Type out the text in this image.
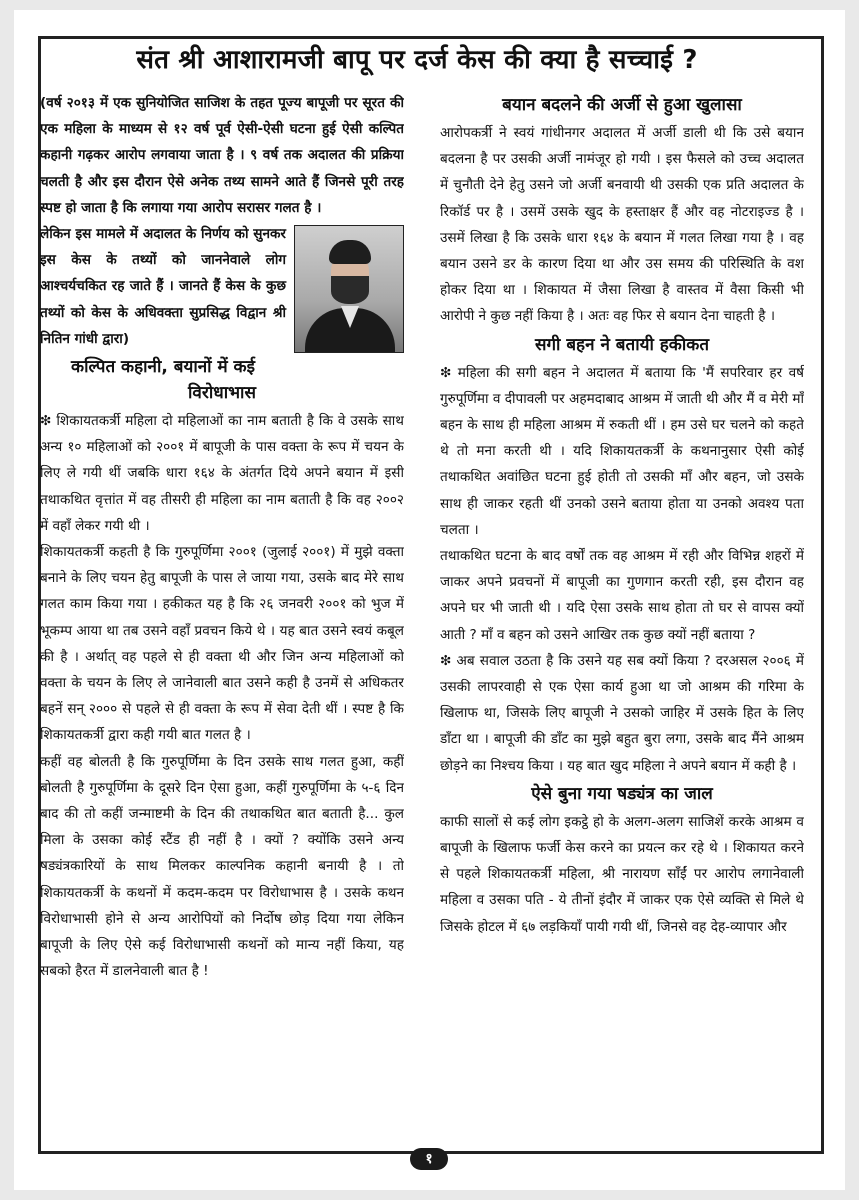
संत श्री आशारामजी बापू पर दर्ज केस की क्या है सच्चाई ?

(वर्ष २०१३ में एक सुनियोजित साजिश के तहत पूज्य बापूजी पर सूरत की एक महिला के माध्यम से १२ वर्ष पूर्व ऐसी-ऐसी घटना हुई ऐसी कल्पित कहानी गढ़कर आरोप लगवाया जाता है । ९ वर्ष तक अदालत की प्रक्रिया चलती है और इस दौरान ऐसे अनेक तथ्य सामने आते हैं जिनसे पूरी तरह स्पष्ट हो जाता है कि लगाया गया आरोप सरासर गलत है ।

लेकिन इस मामले में अदालत के निर्णय को सुनकर इस केस के तथ्यों को जाननेवाले लोग आश्चर्यचकित रह जाते हैं । जानते हैं केस के कुछ तथ्यों को केस के अधिवक्ता सुप्रसिद्ध विद्वान श्री नितिन गांधी द्वारा)

कल्पित कहानी, बयानों में कई विरोधाभास

❇ शिकायतकर्त्री महिला दो महिलाओं का नाम बताती है कि वे उसके साथ अन्य १० महिलाओं को २००१ में बापूजी के पास वक्ता के रूप में चयन के लिए ले गयी थीं जबकि धारा १६४ के अंतर्गत दिये अपने बयान में इसी तथाकथित वृत्तांत में वह तीसरी ही महिला का नाम बताती है कि वह २००२ में वहाँ लेकर गयी थी ।

शिकायतकर्त्री कहती है कि गुरुपूर्णिमा २००१ (जुलाई २००१) में मुझे वक्ता बनाने के लिए चयन हेतु बापूजी के पास ले जाया गया, उसके बाद मेरे साथ गलत काम किया गया । हकीकत यह है कि २६ जनवरी २००१ को भुज में भूकम्प आया था तब उसने वहाँ प्रवचन किये थे । यह बात उसने स्वयं कबूल की है । अर्थात् वह पहले से ही वक्ता थी और जिन अन्य महिलाओं को वक्ता के चयन के लिए ले जानेवाली बात उसने कही है उनमें से अधिकतर बहनें सन् २००० से पहले से ही वक्ता के रूप में सेवा देती थीं । स्पष्ट है कि शिकायतकर्त्री द्वारा कही गयी बात गलत है ।

कहीं वह बोलती है कि गुरुपूर्णिमा के दिन उसके साथ गलत हुआ, कहीं बोलती है गुरुपूर्णिमा के दूसरे दिन ऐसा हुआ, कहीं गुरुपूर्णिमा के ५-६ दिन बाद की तो कहीं जन्माष्टमी के दिन की तथाकथित बात बताती है... कुल मिला के उसका कोई स्टैंड ही नहीं है । क्यों ? क्योंकि उसने अन्य षड्यंत्रकारियों के साथ मिलकर काल्पनिक कहानी बनायी है । तो शिकायतकर्त्री के कथनों में कदम-कदम पर विरोधाभास है । उसके कथन विरोधाभासी होने से अन्य आरोपियों को निर्दोष छोड़ दिया गया लेकिन बापूजी के लिए ऐसे कई विरोधाभासी कथनों को मान्य नहीं किया, यह सबको हैरत में डालनेवाली बात है !

बयान बदलने की अर्जी से हुआ खुलासा

आरोपकर्त्री ने स्वयं गांधीनगर अदालत में अर्जी डाली थी कि उसे बयान बदलना है पर उसकी अर्जी नामंजूर हो गयी । इस फैसले को उच्च अदालत में चुनौती देने हेतु उसने जो अर्जी बनवायी थी उसकी एक प्रति अदालत के रिकॉर्ड पर है । उसमें उसके खुद के हस्ताक्षर हैं और वह नोटराइज्ड है । उसमें लिखा है कि उसके धारा १६४ के बयान में गलत लिखा गया है । वह बयान उसने डर के कारण दिया था और उस समय की परिस्थिति के वश होकर दिया था । शिकायत में जैसा लिखा है वास्तव में वैसा किसी भी आरोपी ने कुछ नहीं किया है । अतः वह फिर से बयान देना चाहती है ।

सगी बहन ने बतायी हकीकत

❇ महिला की सगी बहन ने अदालत में बताया कि 'मैं सपरिवार हर वर्ष गुरुपूर्णिमा व दीपावली पर अहमदाबाद आश्रम में जाती थी और मैं व मेरी माँ बहन के साथ ही महिला आश्रम में रुकती थीं । हम उसे घर चलने को कहते थे तो मना करती थी । यदि शिकायतकर्त्री के कथनानुसार ऐसी कोई तथाकथित अवांछित घटना हुई होती तो उसकी माँ और बहन, जो उसके साथ ही जाकर रहती थीं उनको उसने बताया होता या उनको अवश्य पता चलता ।

तथाकथित घटना के बाद वर्षों तक वह आश्रम में रही और विभिन्न शहरों में जाकर अपने प्रवचनों में बापूजी का गुणगान करती रही, इस दौरान वह अपने घर भी जाती थी । यदि ऐसा उसके साथ होता तो घर से वापस क्यों आती ? माँ व बहन को उसने आखिर तक कुछ क्यों नहीं बताया ?

❇ अब सवाल उठता है कि उसने यह सब क्यों किया ? दरअसल २००६ में उसकी लापरवाही से एक ऐसा कार्य हुआ था जो आश्रम की गरिमा के खिलाफ था, जिसके लिए बापूजी ने उसको जाहिर में उसके हित के लिए डाँटा था । बापूजी की डाँट का मुझे बहुत बुरा लगा, उसके बाद मैंने आश्रम छोड़ने का निश्चय किया । यह बात खुद महिला ने अपने बयान में कही है ।

ऐसे बुना गया षड्यंत्र का जाल

काफी सालों से कई लोग इकट्ठे हो के अलग-अलग साजिशें करके आश्रम व बापूजी के खिलाफ फर्जी केस करने का प्रयत्न कर रहे थे । शिकायत करने से पहले शिकायतकर्त्री महिला, श्री नारायण साँईं पर आरोप लगानेवाली महिला व उसका पति - ये तीनों इंदौर में जाकर एक ऐसे व्यक्ति से मिले थे जिसके होटल में ६७ लड़कियाँ पायी गयी थीं, जिनसे वह देह-व्यापार और

१
